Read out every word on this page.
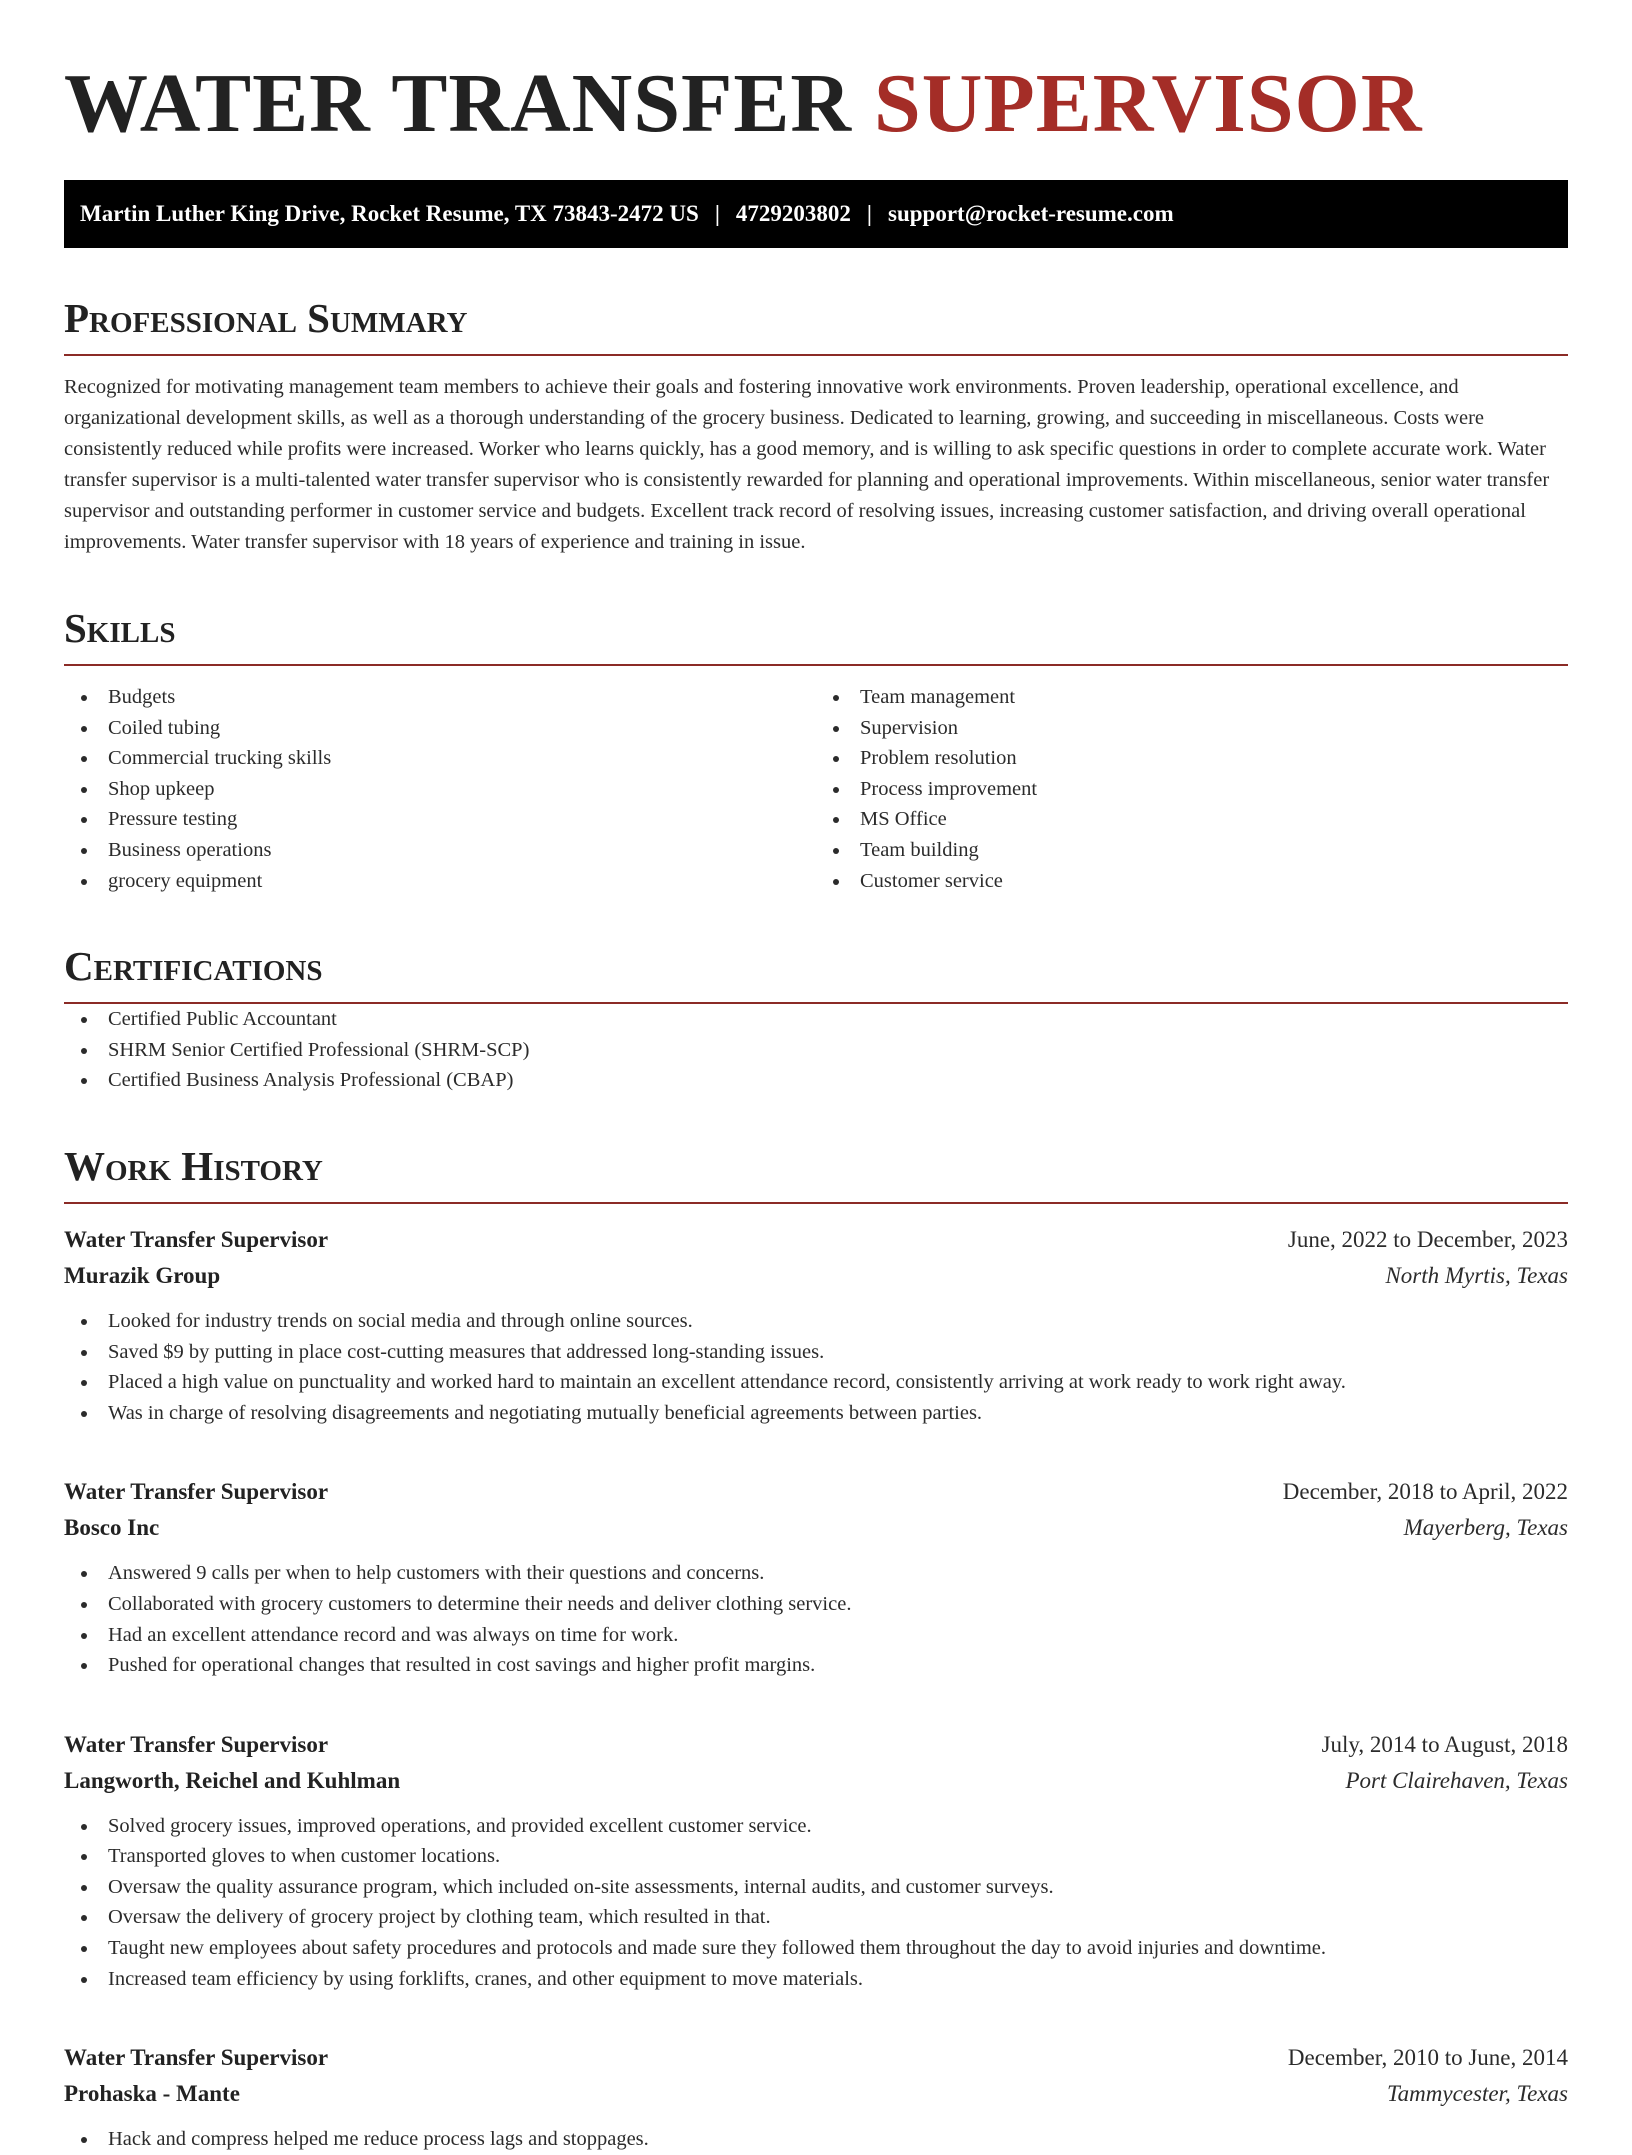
WATER TRANSFER SUPERVISOR
Martin Luther King Drive, Rocket Resume, TX 73843-2472 US | 4729203802 | support@rocket-resume.com
Professional Summary

Recognized for motivating management team members to achieve their goals and fostering innovative work environments. Proven leadership, operational excellence, and organizational development skills, as well as a thorough understanding of the grocery business. Dedicated to learning, growing, and succeeding in miscellaneous. Costs were consistently reduced while profits were increased. Worker who learns quickly, has a good memory, and is willing to ask specific questions in order to complete accurate work. Water transfer supervisor is a multi-talented water transfer supervisor who is consistently rewarded for planning and operational improvements. Within miscellaneous, senior water transfer supervisor and outstanding performer in customer service and budgets. Excellent track record of resolving issues, increasing customer satisfaction, and driving overall operational improvements. Water transfer supervisor with 18 years of experience and training in issue.

Skills
Budgets
Coiled tubing
Commercial trucking skills
Shop upkeep
Pressure testing
Business operations
grocery equipment
Team management
Supervision
Problem resolution
Process improvement
MS Office
Team building
Customer service
Certifications
Certified Public Accountant
SHRM Senior Certified Professional (SHRM-SCP)
Certified Business Analysis Professional (CBAP)
Work History
Water Transfer Supervisor	June, 2022 to December, 2023
Murazik Group	North Myrtis, Texas
Looked for industry trends on social media and through online sources.
Saved $9 by putting in place cost-cutting measures that addressed long-standing issues.
Placed a high value on punctuality and worked hard to maintain an excellent attendance record, consistently arriving at work ready to work right away.
Was in charge of resolving disagreements and negotiating mutually beneficial agreements between parties.
Water Transfer Supervisor	December, 2018 to April, 2022
Bosco Inc	Mayerberg, Texas
Answered 9 calls per when to help customers with their questions and concerns.
Collaborated with grocery customers to determine their needs and deliver clothing service.
Had an excellent attendance record and was always on time for work.
Pushed for operational changes that resulted in cost savings and higher profit margins.
Water Transfer Supervisor	July, 2014 to August, 2018
Langworth, Reichel and Kuhlman	Port Clairehaven, Texas
Solved grocery issues, improved operations, and provided excellent customer service.
Transported gloves to when customer locations.
Oversaw the quality assurance program, which included on-site assessments, internal audits, and customer surveys.
Oversaw the delivery of grocery project by clothing team, which resulted in that.
Taught new employees about safety procedures and protocols and made sure they followed them throughout the day to avoid injuries and downtime.
Increased team efficiency by using forklifts, cranes, and other equipment to move materials.
Water Transfer Supervisor	December, 2010 to June, 2014
Prohaska - Mante	Tammycester, Texas
Hack and compress helped me reduce process lags and stoppages.
